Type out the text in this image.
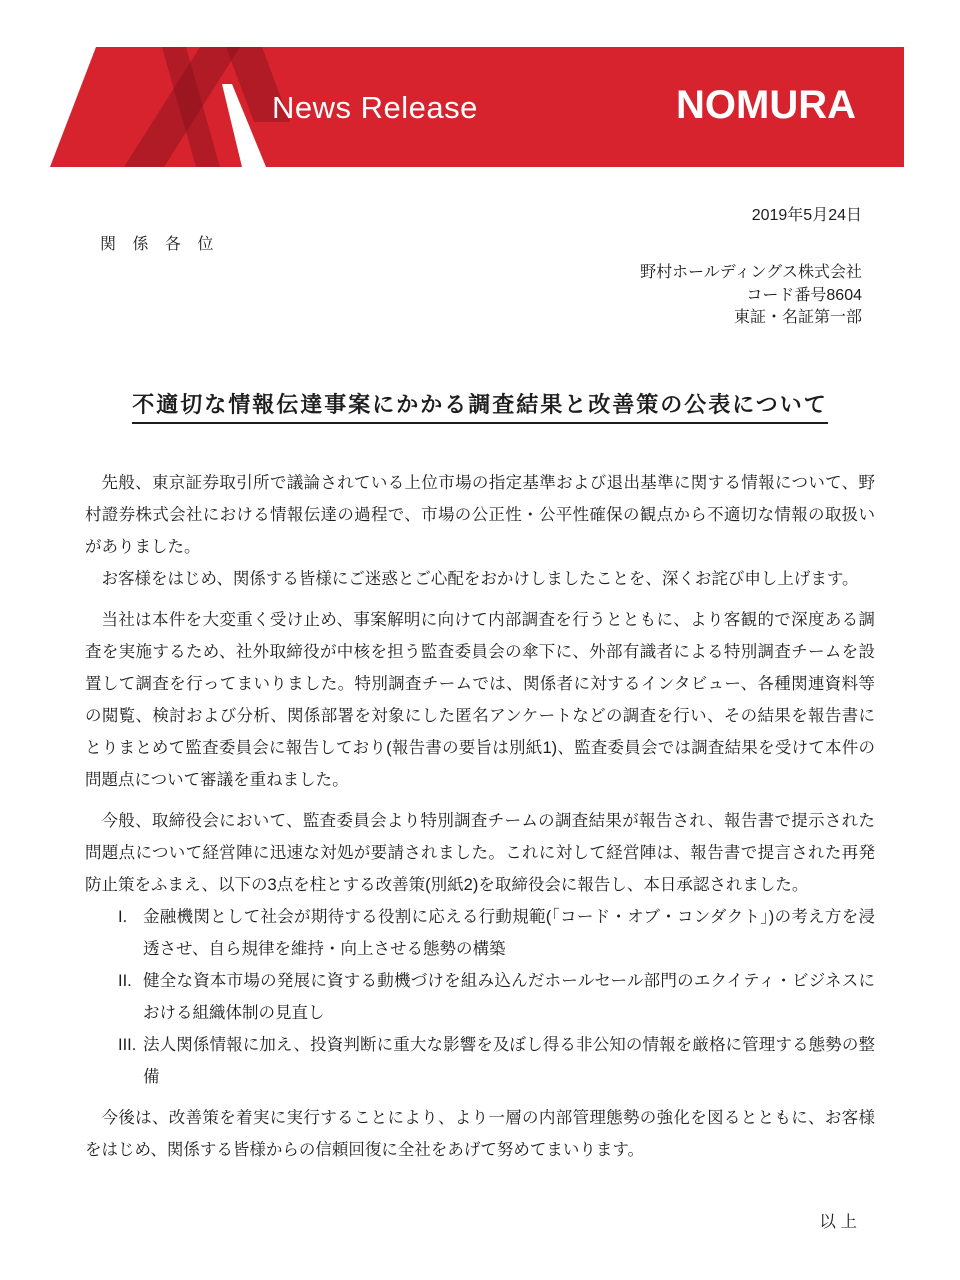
News Release	NOMURA
2019年5月24日
関 係 各 位
野村ホールディングス株式会社
コード番号8604
東証・名証第一部
不適切な情報伝達事案にかかる調査結果と改善策の公表について

先般、東京証券取引所で議論されている上位市場の指定基準および退出基準に関する情報について、野村證券株式会社における情報伝達の過程で、市場の公正性・公平性確保の観点から不適切な情報の取扱いがありました。

お客様をはじめ、関係する皆様にご迷惑とご心配をおかけしましたことを、深くお詫び申し上げます。

当社は本件を大変重く受け止め、事案解明に向けて内部調査を行うとともに、より客観的で深度ある調査を実施するため、社外取締役が中核を担う監査委員会の傘下に、外部有識者による特別調査チームを設置して調査を行ってまいりました。特別調査チームでは、関係者に対するインタビュー、各種関連資料等の閲覧、検討および分析、関係部署を対象にした匿名アンケートなどの調査を行い、その結果を報告書にとりまとめて監査委員会に報告しており(報告書の要旨は別紙1)、監査委員会では調査結果を受けて本件の問題点について審議を重ねました。

今般、取締役会において、監査委員会より特別調査チームの調査結果が報告され、報告書で提示された問題点について経営陣に迅速な対処が要請されました。これに対して経営陣は、報告書で提言された再発防止策をふまえ、以下の3点を柱とする改善策(別紙2)を取締役会に報告し、本日承認されました。

I. 金融機関として社会が期待する役割に応える行動規範(「コード・オブ・コンダクト」)の考え方を浸透させ、自ら規律を維持・向上させる態勢の構築
II. 健全な資本市場の発展に資する動機づけを組み込んだホールセール部門のエクイティ・ビジネスにおける組織体制の見直し
III. 法人関係情報に加え、投資判断に重大な影響を及ぼし得る非公知の情報を厳格に管理する態勢の整備

今後は、改善策を着実に実行することにより、より一層の内部管理態勢の強化を図るとともに、お客様をはじめ、関係する皆様からの信頼回復に全社をあげて努めてまいります。

以 上
